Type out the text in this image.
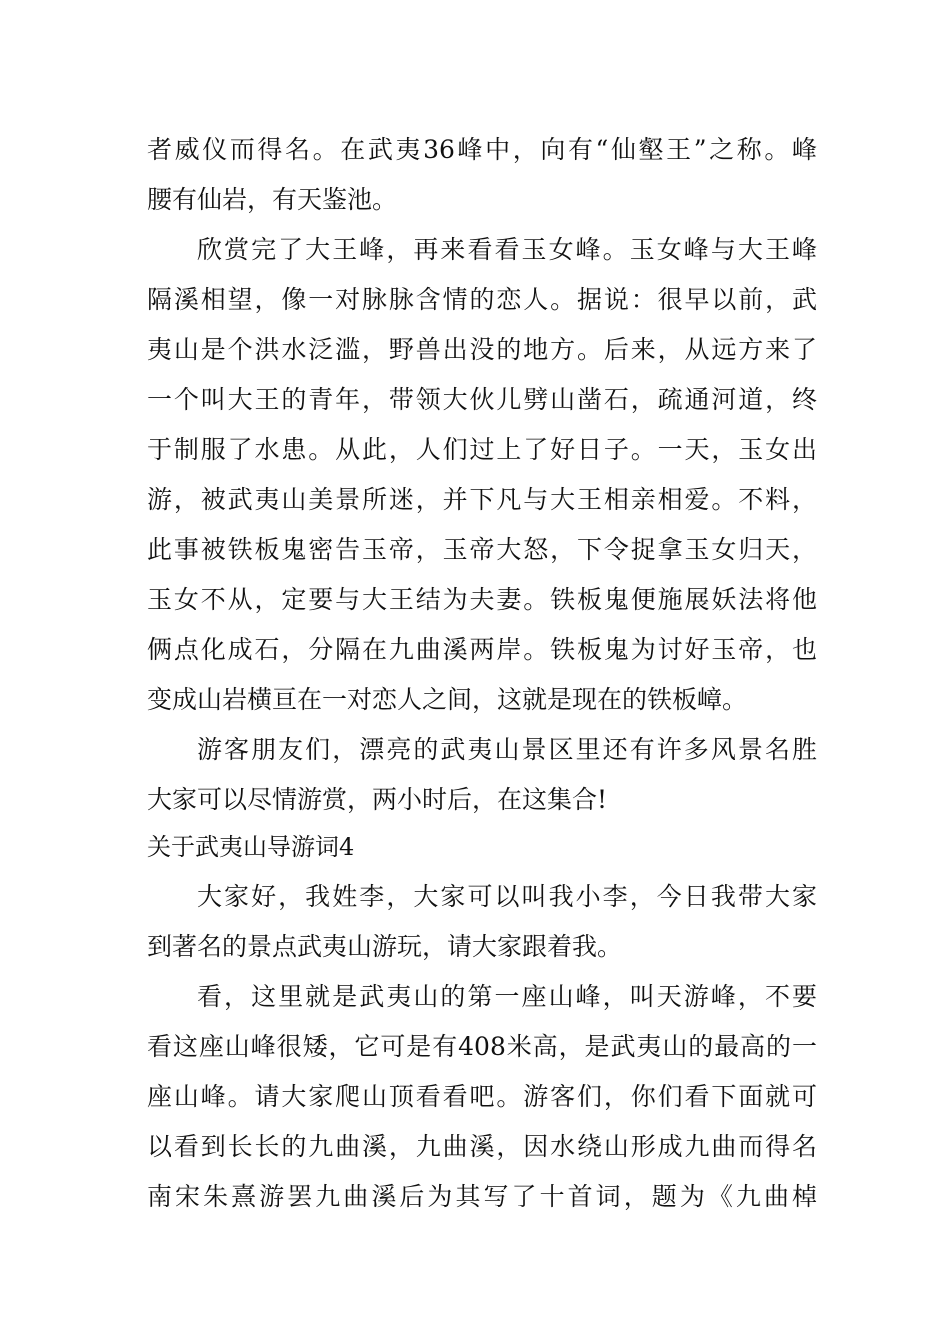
者威仪而得名。在武夷36峰中，向有“仙壑王”之称。峰
腰有仙岩，有天鉴池。
欣赏完了大王峰，再来看看玉女峰。玉女峰与大王峰
隔溪相望，像一对脉脉含情的恋人。据说：很早以前，武
夷山是个洪水泛滥，野兽出没的地方。后来，从远方来了
一个叫大王的青年，带领大伙儿劈山凿石，疏通河道，终
于制服了水患。从此，人们过上了好日子。一天，玉女出
游，被武夷山美景所迷，并下凡与大王相亲相爱。不料，
此事被铁板鬼密告玉帝，玉帝大怒，下令捉拿玉女归天，
玉女不从，定要与大王结为夫妻。铁板鬼便施展妖法将他
俩点化成石，分隔在九曲溪两岸。铁板鬼为讨好玉帝，也
变成山岩横亘在一对恋人之间，这就是现在的铁板嶂。
游客朋友们，漂亮的武夷山景区里还有许多风景名胜
大家可以尽情游赏，两小时后，在这集合!
关于武夷山导游词4
大家好，我姓李，大家可以叫我小李，今日我带大家
到著名的景点武夷山游玩，请大家跟着我。
看，这里就是武夷山的第一座山峰，叫天游峰，不要
看这座山峰很矮，它可是有408米高，是武夷山的最高的一
座山峰。请大家爬山顶看看吧。游客们，你们看下面就可
以看到长长的九曲溪，九曲溪，因水绕山形成九曲而得名
南宋朱熹游罢九曲溪后为其写了十首词，题为《九曲棹
